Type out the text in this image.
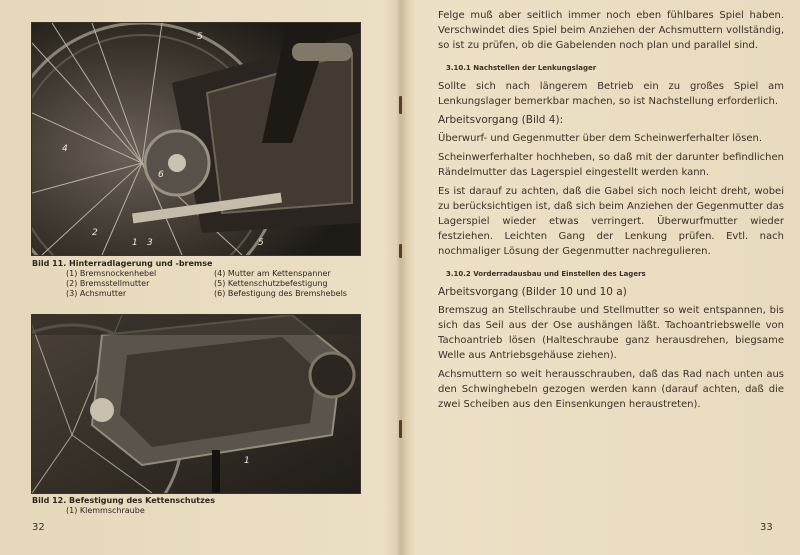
4
2
1 3
5
5
6
Bild 11. Hinterradlagerung und -bremse
(1) Bremsnockenhebel	(4) Mutter am Kettenspanner
(2) Bremsstellmutter	(5) Kettenschutzbefestigung
(3) Achsmutter	(6) Befestigung des Bremshebels
1
Bild 12. Befestigung des Kettenschutzes
(1) Klemmschraube
32

Felge muß aber seitlich immer noch eben fühlbares Spiel haben. Verschwindet dies Spiel beim Anziehen der Achsmuttern vollständig, so ist zu prüfen, ob die Gabelenden noch plan und parallel sind.

3.10.1 Nachstellen der Lenkungslager

Sollte sich nach längerem Betrieb ein zu großes Spiel am Lenkungslager bemerkbar machen, so ist Nachstellung erforderlich.

Arbeitsvorgang (Bild 4):

Überwurf- und Gegenmutter über dem Scheinwerferhalter lösen.

Scheinwerferhalter hochheben, so daß mit der darunter befindlichen Rändelmutter das Lagerspiel eingestellt werden kann.

Es ist darauf zu achten, daß die Gabel sich noch leicht dreht, wobei zu berücksichtigen ist, daß sich beim Anziehen der Gegenmutter das Lagerspiel wieder etwas verringert. Überwurfmutter wieder festziehen. Leichten Gang der Lenkung prüfen. Evtl. nach nochmaliger Lösung der Gegenmutter nachregulieren.

3.10.2 Vorderradausbau und Einstellen des Lagers
Arbeitsvorgang (Bilder 10 und 10 a)

Bremszug an Stellschraube und Stellmutter so weit entspannen, bis sich das Seil aus der Ose aushängen läßt. Tachoantriebswelle von Tachoantrieb lösen (Halteschraube ganz herausdrehen, biegsame Welle aus Antriebsgehäuse ziehen).

Achsmuttern so weit herausschrauben, daß das Rad nach unten aus den Schwinghebeln gezogen werden kann (darauf achten, daß die zwei Scheiben aus den Einsenkungen heraustreten).

33
